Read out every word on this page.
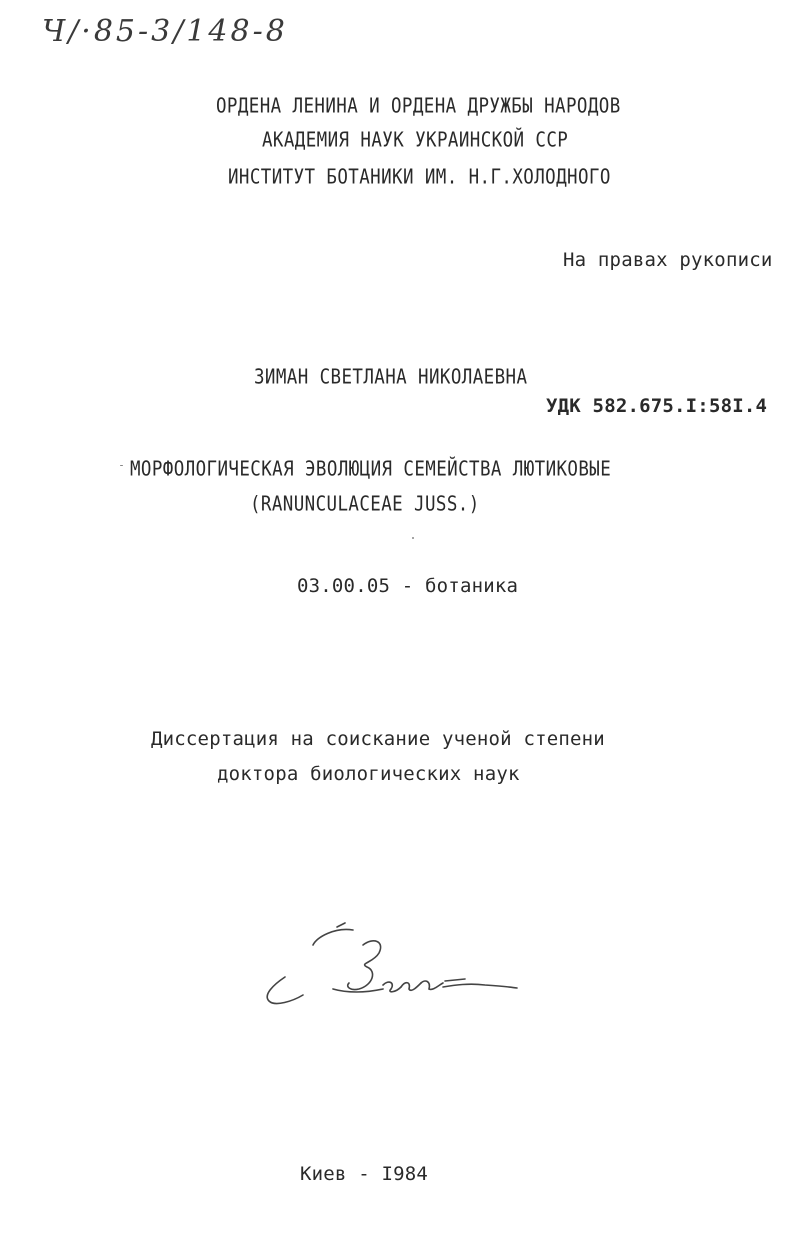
Ч/·85-3/148-8
ОРДЕНА ЛЕНИНА И ОРДЕНА ДРУЖБЫ НАРОДОВ
АКАДЕМИЯ НАУК УКРАИНСКОЙ ССР
ИНСТИТУТ БОТАНИКИ ИМ. Н.Г.ХОЛОДНОГО
На правах рукописи
ЗИМАН СВЕТЛАНА НИКОЛАЕВНА
УДК 582.675.I:58I.4
МОРФОЛОГИЧЕСКАЯ ЭВОЛЮЦИЯ СЕМЕЙСТВА ЛЮТИКОВЫЕ
(RANUNCULACEAE JUSS.)
03.00.05 - ботаника
Диссертация на соискание ученой степени
доктора биологических наук
Киев - I984
